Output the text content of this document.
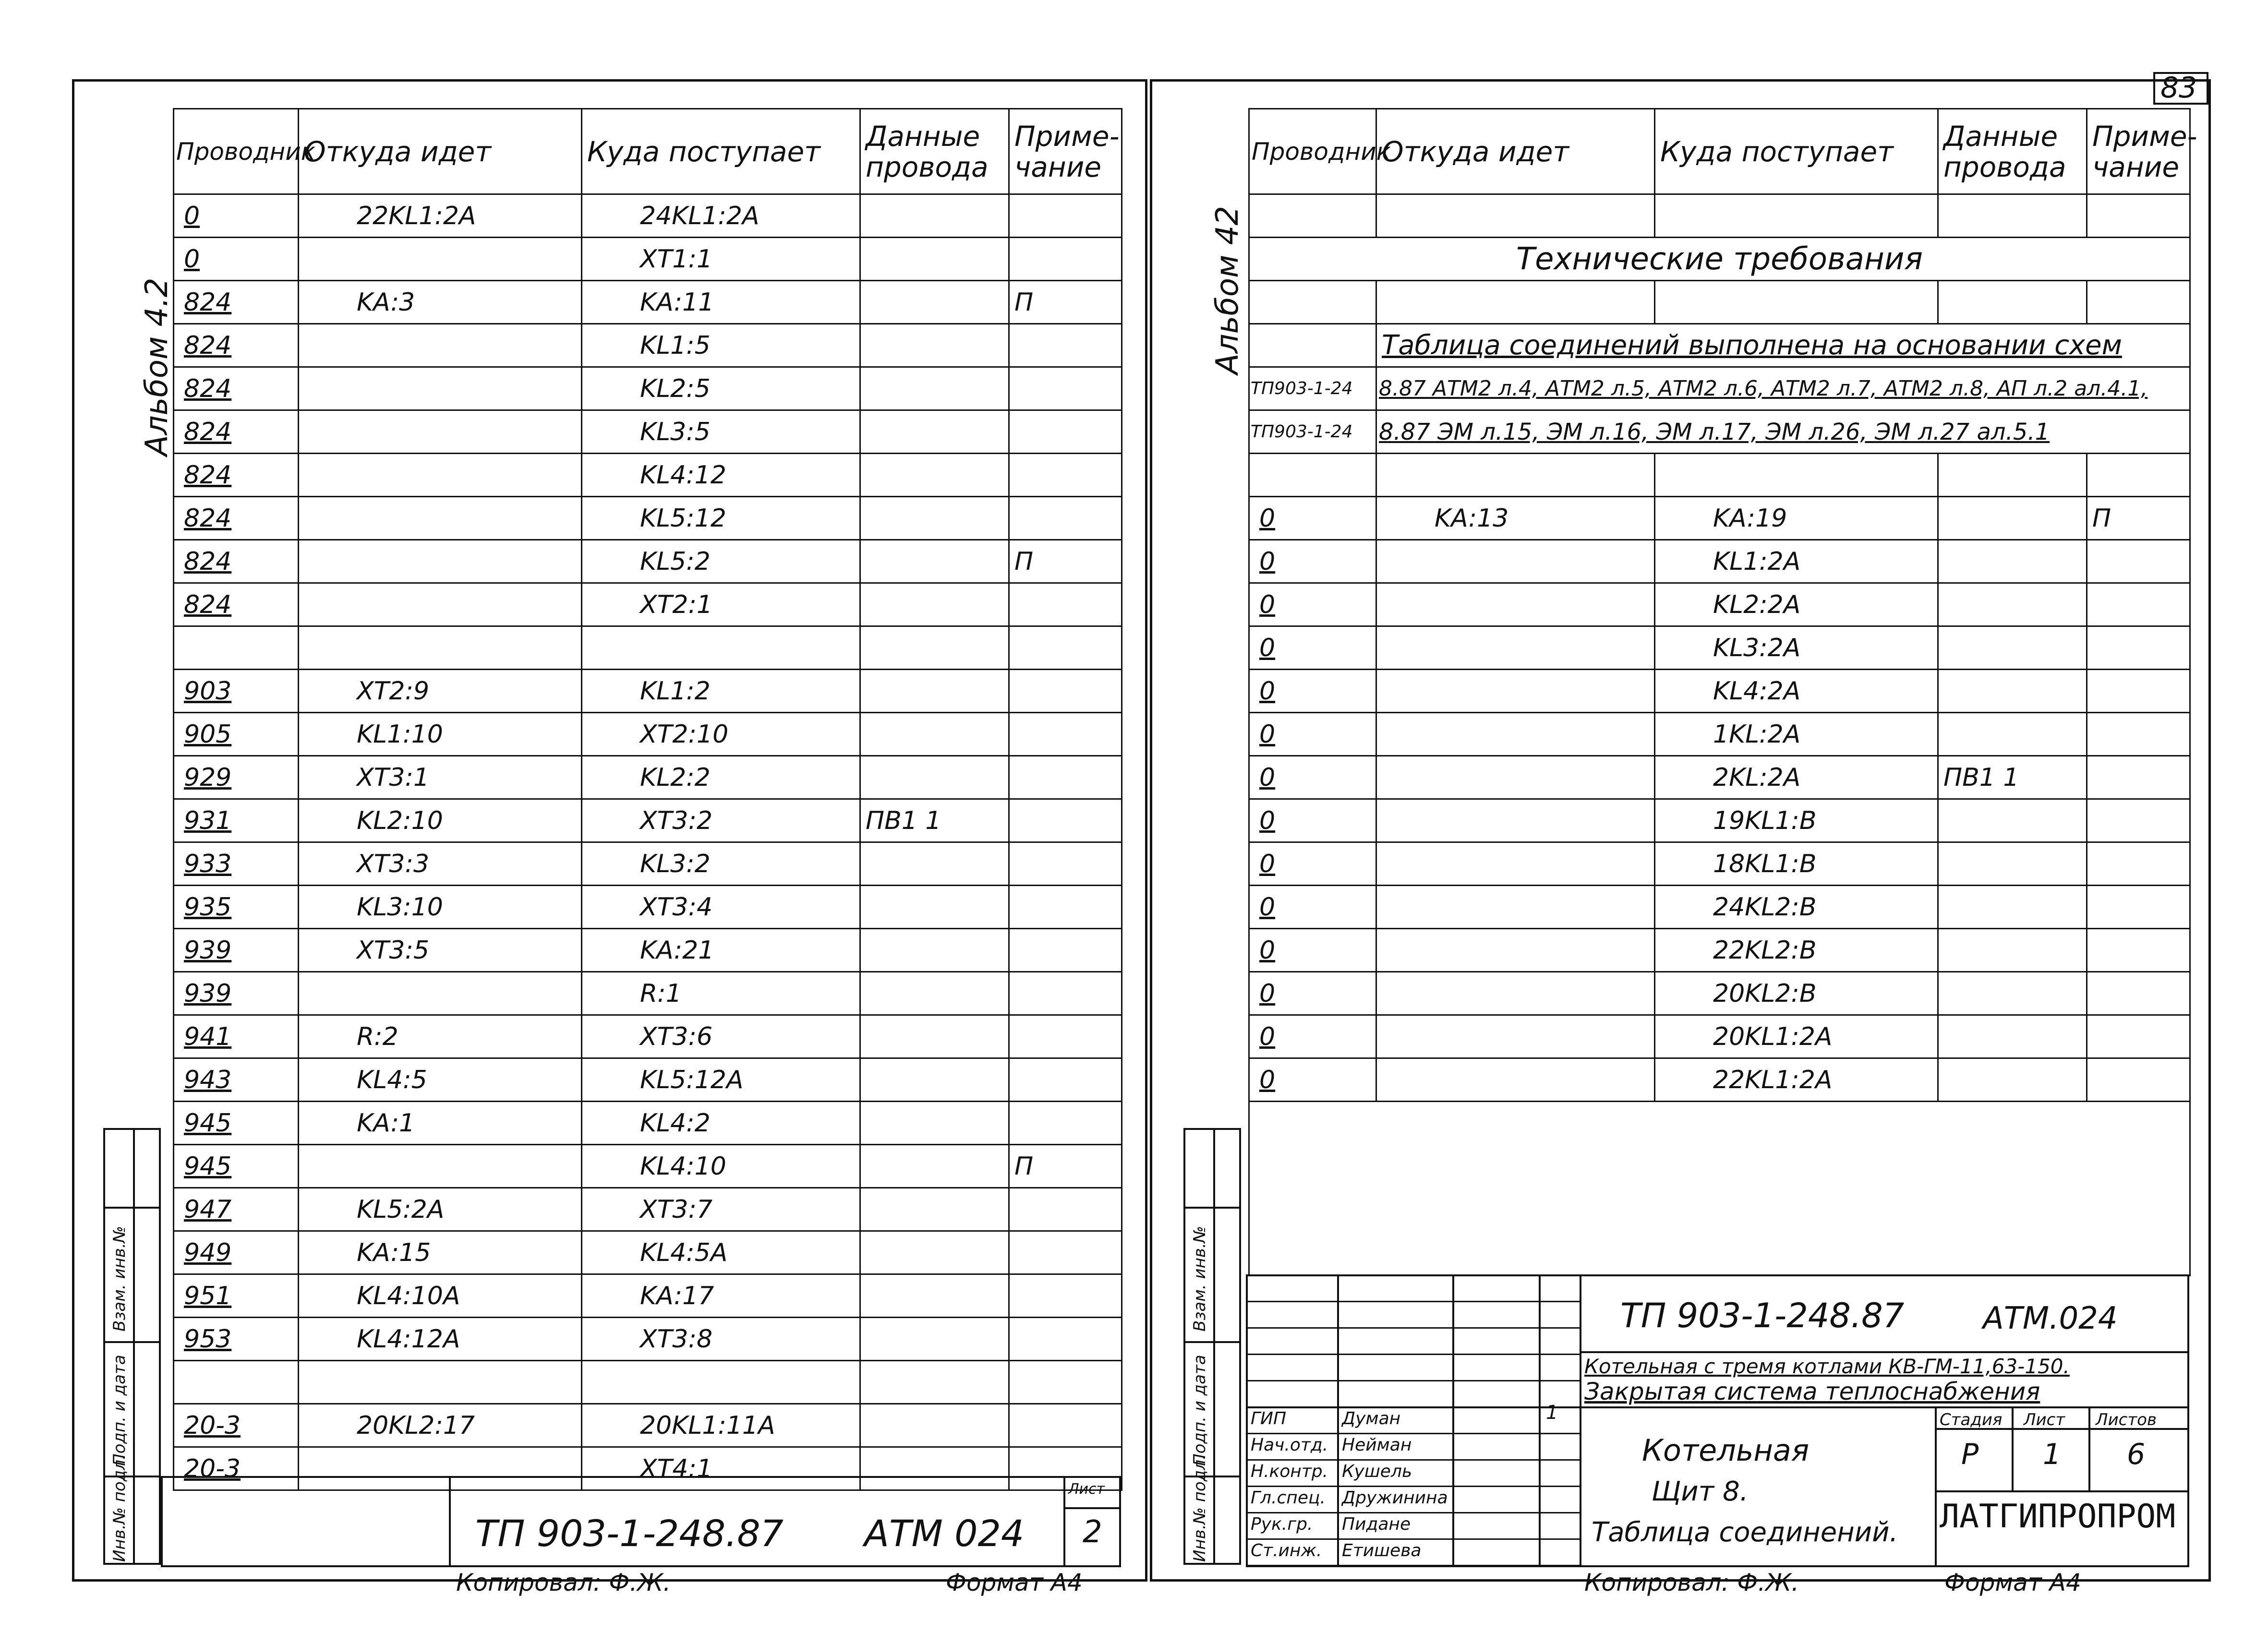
83
Альбом 4.2
Проводник	Откуда идет	Куда поступает	Данные провода	Приме-чание
0	22KL1:2A	24KL1:2A		
0		XT1:1		
824	KA:3	KA:11		П
824		KL1:5		
824		KL2:5		
824		KL3:5		
824		KL4:12		
824		KL5:12		
824		KL5:2		П
824		XT2:1		

903	XT2:9	KL1:2		
905	KL1:10	XT2:10		
929	XT3:1	KL2:2		
931	KL2:10	XT3:2	ПВ1 1	
933	XT3:3	KL3:2		
935	KL3:10	XT3:4		
939	XT3:5	KA:21		
939		R:1		
941	R:2	XT3:6		
943	KL4:5	KL5:12A		
945	KA:1	KL4:2		
945		KL4:10		П
947	KL5:2A	XT3:7		
949	KA:15	KL4:5A		
951	KL4:10A	KA:17		
953	KL4:12A	XT3:8		

20-3	20KL2:17	20KL1:11A		
20-3		XT4:1		
Инв.№ подл.
Подп. и дата
Взам. инв.№
ТП 903-1-248.87 АТМ 024
Лист
2
Копировал: Ф.Ж.	Формат А4
Альбом 42
Проводник	Откуда идет	Куда поступает	Данные провода	Приме-чание

Технические требования				

	Таблица соединений выполнена на основании схем			
ТП903-1-24	8.87 АТМ2 л.4, АТМ2 л.5, АТМ2 л.6, АТМ2 л.7, АТМ2 л.8, АП л.2 ал.4.1,			
ТП903-1-24	8.87 ЭМ л.15, ЭМ л.16, ЭМ л.17, ЭМ л.26, ЭМ л.27 ал.5.1			

0	KA:13	KA:19		П
0		KL1:2A		
0		KL2:2A		
0		KL3:2A		
0		KL4:2A		
0		1KL:2A		
0		2KL:2A	ПВ1 1	
0		19KL1:B		
0		18KL1:B		
0		24KL2:B		
0		22KL2:B		
0		20KL2:B		
0		20KL1:2A		
0		22KL1:2A		

Инв.№ подл.
Подп. и дата
Взам. инв.№
ГИП	Думан
Нач.отд. Нейман
Н.контр. Кушель
Гл.спец. Дружинина
Рук.гр. Пидане
Ст.инж. Етишева
ТП 903-1-248.87	АТМ.024
Котельная с тремя котлами КВ-ГМ-11,63-150.
Закрытая система теплоснабжения
Котельная
Щит 8.
Таблица соединений.
Стадия Лист Листов
Р 1 6
ЛАТГИПРОПРОМ
1
Копировал: Ф.Ж.	Формат А4
